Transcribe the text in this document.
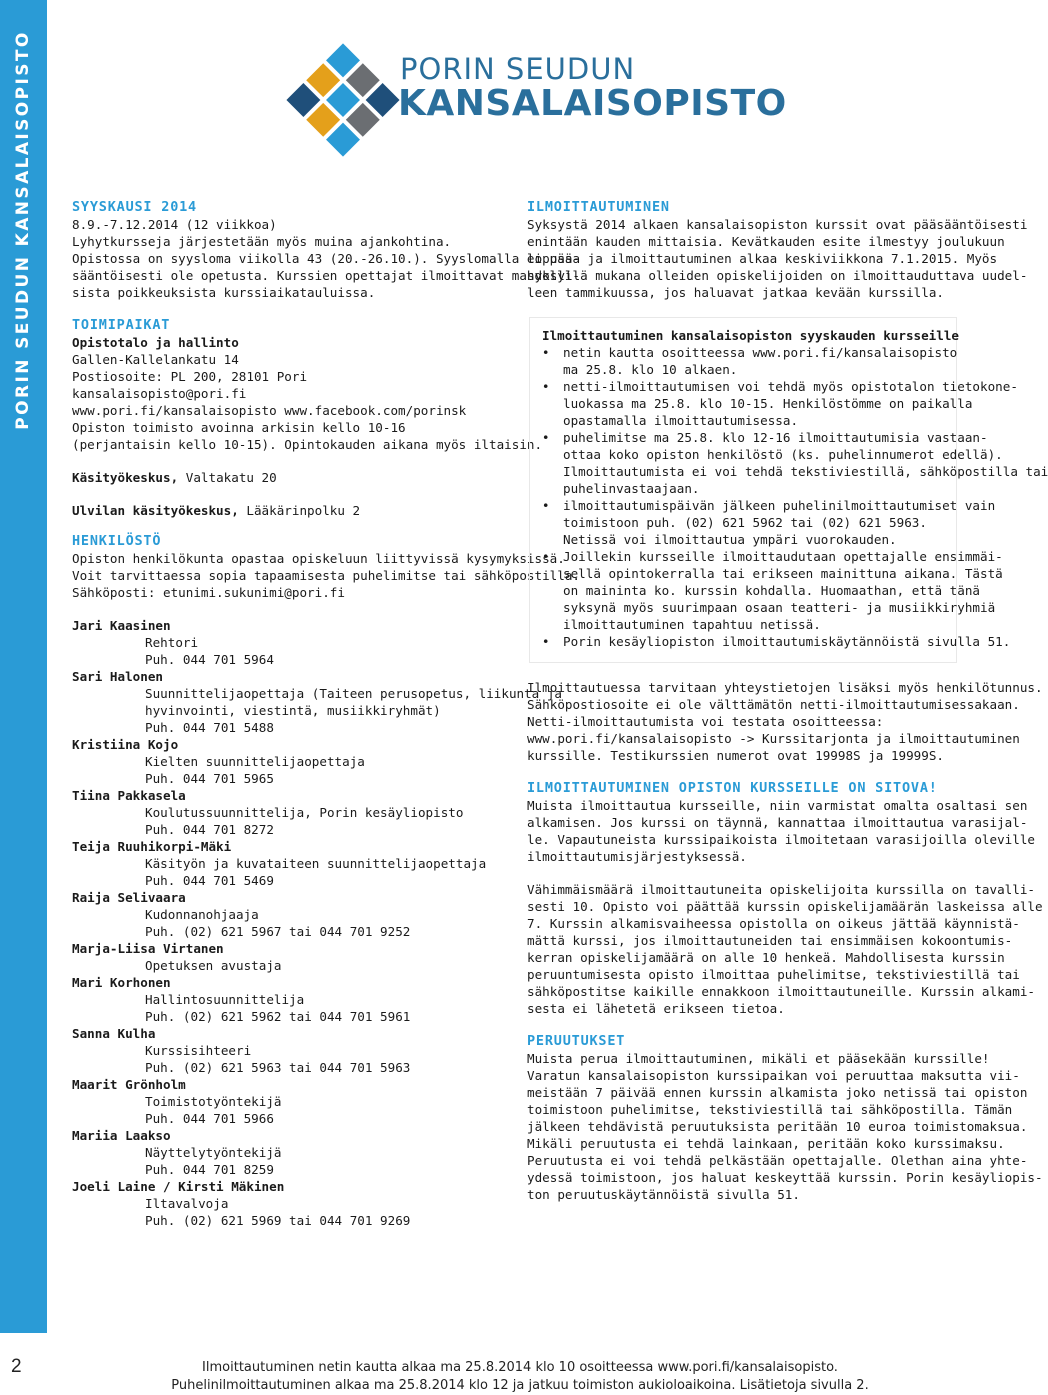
PORIN SEUDUN KANSALAISOPISTO
2
PORIN SEUDUN
KANSALAISOPISTO
SYYSKAUSI 2014
8.9.-7.12.2014 (12 viikkoa)
Lyhytkursseja järjestetään myös muina ajankohtina.
Opistossa on syysloma viikolla 43 (20.-26.10.). Syyslomalla ei pää-
sääntöisesti ole opetusta. Kurssien opettajat ilmoittavat mahdolli-
sista poikkeuksista kurssiaikatauluissa.
TOIMIPAIKAT
Opistotalo ja hallinto
Gallen-Kallelankatu 14
Postiosoite: PL 200, 28101 Pori
kansalaisopisto@pori.fi
www.pori.fi/kansalaisopisto www.facebook.com/porinsk
Opiston toimisto avoinna arkisin kello 10-16
(perjantaisin kello 10-15). Opintokauden aikana myös iltaisin.
Käsityökeskus, Valtakatu 20
Ulvilan käsityökeskus, Lääkärinpolku 2
HENKILÖSTÖ
Opiston henkilökunta opastaa opiskeluun liittyvissä kysymyksissä.
Voit tarvittaessa sopia tapaamisesta puhelimitse tai sähköpostilla.
Sähköposti: etunimi.sukunimi@pori.fi
Jari Kaasinen
Rehtori
Puh. 044 701 5964
Sari Halonen
Suunnittelijaopettaja (Taiteen perusopetus, liikunta ja
hyvinvointi, viestintä, musiikkiryhmät)
Puh. 044 701 5488
Kristiina Kojo
Kielten suunnittelijaopettaja
Puh. 044 701 5965
Tiina Pakkasela
Koulutussuunnittelija, Porin kesäyliopisto
Puh. 044 701 8272
Teija Ruuhikorpi-Mäki
Käsityön ja kuvataiteen suunnittelijaopettaja
Puh. 044 701 5469
Raija Selivaara
Kudonnanohjaaja
Puh. (02) 621 5967 tai 044 701 9252
Marja-Liisa Virtanen
Opetuksen avustaja
Mari Korhonen
Hallintosuunnittelija
Puh. (02) 621 5962 tai 044 701 5961
Sanna Kulha
Kurssisihteeri
Puh. (02) 621 5963 tai 044 701 5963
Maarit Grönholm
Toimistotyöntekijä
Puh. 044 701 5966
Mariia Laakso
Näyttelytyöntekijä
Puh. 044 701 8259
Joeli Laine / Kirsti Mäkinen
Iltavalvoja
Puh. (02) 621 5969 tai 044 701 9269
ILMOITTAUTUMINEN
Syksystä 2014 alkaen kansalaisopiston kurssit ovat pääsääntöisesti
enintään kauden mittaisia. Kevätkauden esite ilmestyy joulukuun
lopussa ja ilmoittautuminen alkaa keskiviikkona 7.1.2015. Myös
syksyllä mukana olleiden opiskelijoiden on ilmoittauduttava uudel-
leen tammikuussa, jos haluavat jatkaa kevään kurssilla.
Ilmoittautuminen kansalaisopiston syyskauden kursseille
• netin kautta osoitteessa www.pori.fi/kansalaisopisto
ma 25.8. klo 10 alkaen.
• netti-ilmoittautumisen voi tehdä myös opistotalon tietokone-
luokassa ma 25.8. klo 10-15. Henkilöstömme on paikalla
opastamalla ilmoittautumisessa.
• puhelimitse ma 25.8. klo 12-16 ilmoittautumisia vastaan-
ottaa koko opiston henkilöstö (ks. puhelinnumerot edellä).
Ilmoittautumista ei voi tehdä tekstiviestillä, sähköpostilla tai
puhelinvastaajaan.
• ilmoittautumispäivän jälkeen puhelinilmoittautumiset vain
toimistoon puh. (02) 621 5962 tai (02) 621 5963.
Netissä voi ilmoittautua ympäri vuorokauden.
• Joillekin kursseille ilmoittaudutaan opettajalle ensimmäi-
sellä opintokerralla tai erikseen mainittuna aikana. Tästä
on maininta ko. kurssin kohdalla. Huomaathan, että tänä
syksynä myös suurimpaan osaan teatteri- ja musiikkiryhmiä
ilmoittautuminen tapahtuu netissä.
• Porin kesäyliopiston ilmoittautumiskäytännöistä sivulla 51.
Ilmoittautuessa tarvitaan yhteystietojen lisäksi myös henkilötunnus.
Sähköpostiosoite ei ole välttämätön netti-ilmoittautumisessakaan.
Netti-ilmoittautumista voi testata osoitteessa:
www.pori.fi/kansalaisopisto -> Kurssitarjonta ja ilmoittautuminen
kurssille. Testikurssien numerot ovat 19998S ja 19999S.
ILMOITTAUTUMINEN OPISTON KURSSEILLE ON SITOVA!
Muista ilmoittautua kursseille, niin varmistat omalta osaltasi sen
alkamisen. Jos kurssi on täynnä, kannattaa ilmoittautua varasijal-
le. Vapautuneista kurssipaikoista ilmoitetaan varasijoilla oleville
ilmoittautumisjärjestyksessä.
Vähimmäismäärä ilmoittautuneita opiskelijoita kurssilla on tavalli-
sesti 10. Opisto voi päättää kurssin opiskelijamäärän laskeissa alle
7. Kurssin alkamisvaiheessa opistolla on oikeus jättää käynnistä-
mättä kurssi, jos ilmoittautuneiden tai ensimmäisen kokoontumis-
kerran opiskelijamäärä on alle 10 henkeä. Mahdollisesta kurssin
peruuntumisesta opisto ilmoittaa puhelimitse, tekstiviestillä tai
sähköpostitse kaikille ennakkoon ilmoittautuneille. Kurssin alkami-
sesta ei lähetetä erikseen tietoa.
PERUUTUKSET
Muista perua ilmoittautuminen, mikäli et pääsekään kurssille!
Varatun kansalaisopiston kurssipaikan voi peruuttaa maksutta vii-
meistään 7 päivää ennen kurssin alkamista joko netissä tai opiston
toimistoon puhelimitse, tekstiviestillä tai sähköpostilla. Tämän
jälkeen tehdävistä peruutuksista peritään 10 euroa toimistomaksua.
Mikäli peruutusta ei tehdä lainkaan, peritään koko kurssimaksu.
Peruutusta ei voi tehdä pelkästään opettajalle. Olethan aina yhte-
ydessä toimistoon, jos haluat keskeyttää kurssin. Porin kesäyliopis-
ton peruutuskäytännöistä sivulla 51.
Ilmoittautuminen netin kautta alkaa ma 25.8.2014 klo 10 osoitteessa www.pori.fi/kansalaisopisto.
Puhelinilmoittautuminen alkaa ma 25.8.2014 klo 12 ja jatkuu toimiston aukioloaikoina. Lisätietoja sivulla 2.
